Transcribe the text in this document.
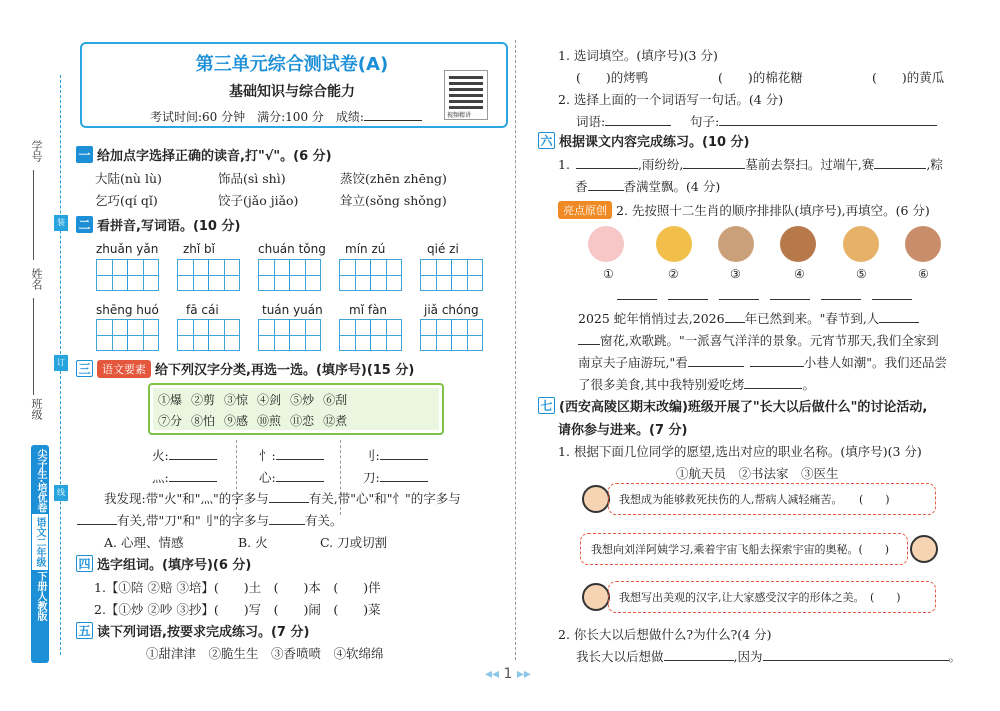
学号
姓名
班级
装
订
线
尖子生·培优卷
语文二年级
下册
人教版
第三单元综合测试卷(A)
基础知识与综合能力
考试时间:60 分钟　满分:100 分　成绩:	视频精讲
一 给加点字选择正确的读音,打"√"。(6 分)
大陆(nù lù)	饰品(sì shì)	蒸饺(zhēn zhēng)
乞巧(qí qǐ)	饺子(jǎo jiǎo)	耸立(sǒng shǒng)
二 看拼音,写词语。(10 分)
zhuǎn yǎn zhǐ bǐ	chuán tǒng mín zú	qié zi
shēng huó fā cái	tuán yuán mǐ fàn	jiǎ chóng
三	语文要素 给下列汉字分类,再选一选。(填序号)(15 分)
①爆 ②剪 ③惊 ④剑 ⑤炒 ⑥刮
⑦分 ⑧怕 ⑨感 ⑩煎 ⑪恋 ⑫煮
火:	忄:	刂:
灬:	心:	刀:
我发现:带"火"和"灬"的字多与	有关,带"心"和"忄"的字多与
有关,带"刀"和"刂"的字多与	有关。
A. 心理、情感	B. 火	C. 刀或切割
四 选字组词。(填序号)(6 分)
1.【①陪 ②赔 ③培】(　　)土　(　　)本　(　　)伴
2.【①炒 ②吵 ③抄】(　　)写　(　　)闹　(　　)菜
五 读下列词语,按要求完成练习。(7 分)
①甜津津　②脆生生　③香喷喷　④软绵绵
1. 选词填空。(填序号)(3 分)
(　　)的烤鸭	(　　)的棉花糖	(　　)的黄瓜
2. 选择上面的一个词语写一句话。(4 分)
词语:	句子:
六 根据课文内容完成练习。(10 分)
1.	,雨纷纷,	墓前去祭扫。过端午,赛	,粽
香	香满堂飘。(4 分)
亮点原创 2. 先按照十二生肖的顺序排排队(填序号),再填空。(6 分)
①	②	③	④	⑤	⑥
2025 蛇年悄悄过去,2026 年已然到来。"春节到,人
窗花,欢歌跳。"一派喜气洋洋的景象。元宵节那天,我们全家到
南京夫子庙游玩,"看	小巷人如潮"。我们还品尝
了很多美食,其中我特别爱吃烤	。
七 (西安高陵区期末改编)班级开展了"长大以后做什么"的讨论活动,
请你参与进来。(7 分)
1. 根据下面几位同学的愿望,选出对应的职业名称。(填序号)(3 分)
①航天员　②书法家　③医生
我想成为能够救死扶伤的人,帮病人减轻痛苦。　　(　　)
我想向刘洋阿姨学习,乘着宇宙飞船去探索宇宙的奥秘。(　　)
我想写出美观的汉字,让大家感受汉字的形体之美。　(　　)
2. 你长大以后想做什么?为什么?(4 分)
我长大以后想做	,因为	。
◂◂ 1 ▸▸
